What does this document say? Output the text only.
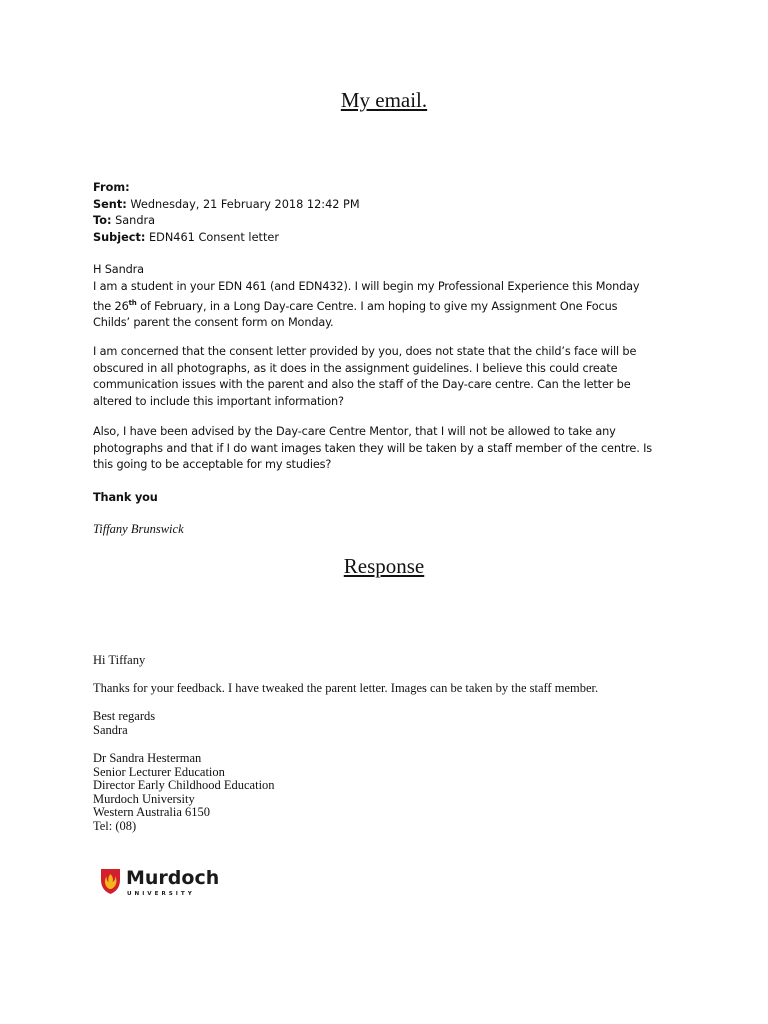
My email.
From:
Sent: Wednesday, 21 February 2018 12:42 PM
To: Sandra
Subject: EDN461 Consent letter

H Sandra

I am a student in your EDN 461 (and EDN432). I will begin my Professional Experience this Monday

the 26th of February, in a Long Day-care Centre. I am hoping to give my Assignment One Focus

Childs’ parent the consent form on Monday.

I am concerned that the consent letter provided by you, does not state that the child’s face will be

obscured in all photographs, as it does in the assignment guidelines. I believe this could create

communication issues with the parent and also the staff of the Day-care centre. Can the letter be

altered to include this important information?

Also, I have been advised by the Day-care Centre Mentor, that I will not be allowed to take any

photographs and that if I do want images taken they will be taken by a staff member of the centre. Is

this going to be acceptable for my studies?

Thank you
Tiffany Brunswick
Response
Hi Tiffany
Thanks for your feedback. I have tweaked the parent letter. Images can be taken by the staff member.
Best regards
Sandra
Dr Sandra Hesterman
Senior Lecturer Education
Director Early Childhood Education
Murdoch University
Western Australia 6150
Tel: (08)
Murdoch
UNIVERSITY
